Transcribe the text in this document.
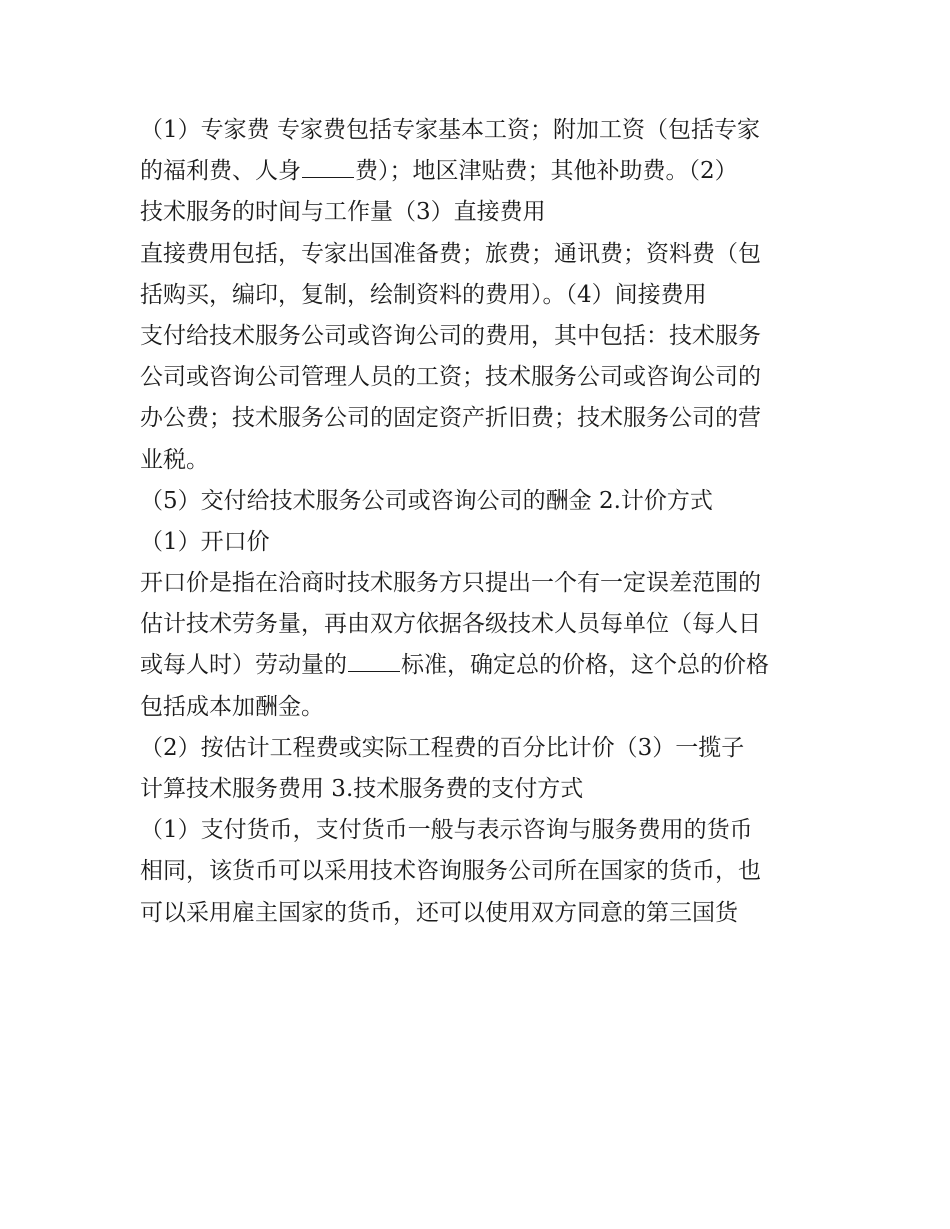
（1）专家费 专家费包括专家基本工资；附加工资（包括专家
的福利费、人身 费）；地区津贴费；其他补助费。（2）
技术服务的时间与工作量（3）直接费用
直接费用包括，专家出国准备费；旅费；通讯费；资料费（包
括购买，编印，复制，绘制资料的费用）。（4）间接费用
支付给技术服务公司或咨询公司的费用，其中包括：技术服务
公司或咨询公司管理人员的工资；技术服务公司或咨询公司的
办公费；技术服务公司的固定资产折旧费；技术服务公司的营
业税。
（5）交付给技术服务公司或咨询公司的酬金 2.计价方式
（1）开口价
开口价是指在洽商时技术服务方只提出一个有一定误差范围的
估计技术劳务量，再由双方依据各级技术人员每单位（每人日
或每人时）劳动量的 标准，确定总的价格，这个总的价格
包括成本加酬金。
（2）按估计工程费或实际工程费的百分比计价（3）一揽子
计算技术服务费用 3.技术服务费的支付方式
（1）支付货币，支付货币一般与表示咨询与服务费用的货币
相同，该货币可以采用技术咨询服务公司所在国家的货币，也
可以采用雇主国家的货币，还可以使用双方同意的第三国货
